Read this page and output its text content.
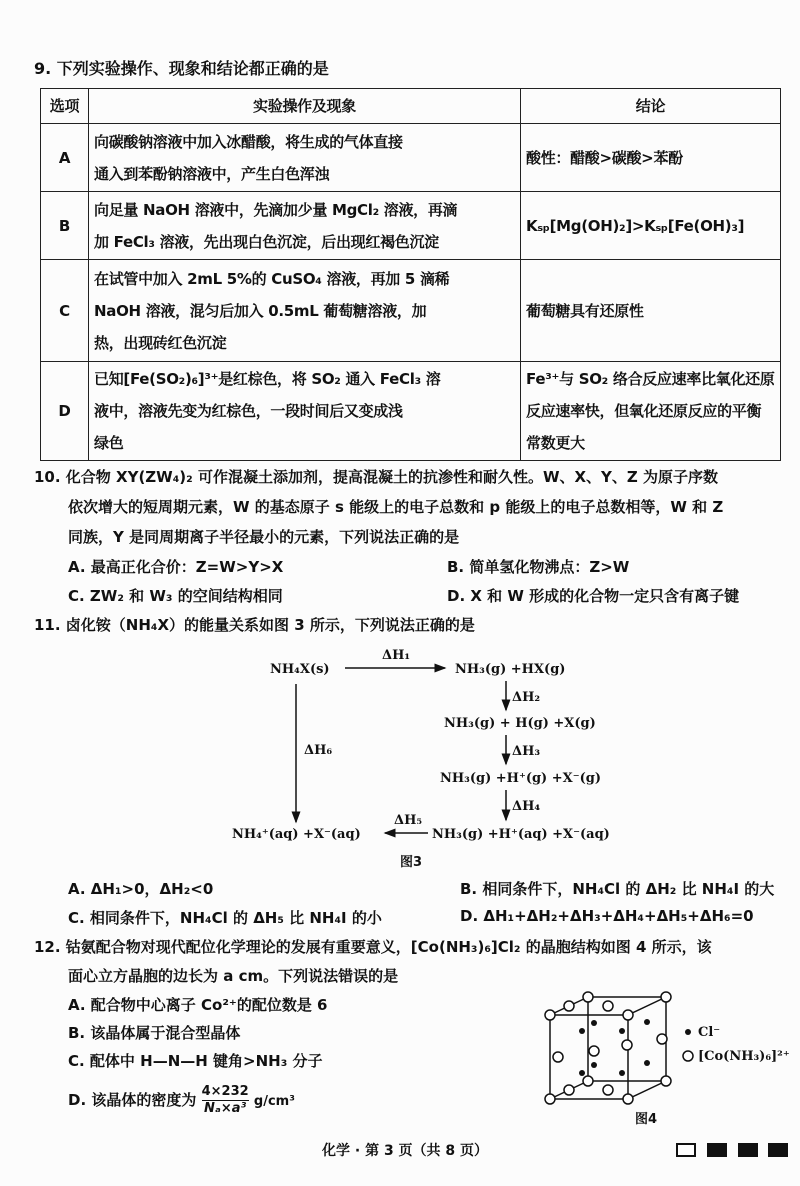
9. 下列实验操作、现象和结论都正确的是
选项	实验操作及现象	结论
A	向碳酸钠溶液中加入冰醋酸，将生成的气体直接
通入到苯酚钠溶液中，产生白色浑浊	酸性：醋酸>碳酸>苯酚
B	向足量 NaOH 溶液中，先滴加少量 MgCl₂ 溶液，再滴
加 FeCl₃ 溶液，先出现白色沉淀，后出现红褐色沉淀	Kₛₚ[Mg(OH)₂]>Kₛₚ[Fe(OH)₃]
C	在试管中加入 2mL 5%的 CuSO₄ 溶液，再加 5 滴稀
NaOH 溶液，混匀后加入 0.5mL 葡萄糖溶液，加
热，出现砖红色沉淀	葡萄糖具有还原性
D	已知[Fe(SO₂)₆]³⁺是红棕色，将 SO₂ 通入 FeCl₃ 溶
液中，溶液先变为红棕色，一段时间后又变成浅
绿色	Fe³⁺与 SO₂ 络合反应速率比氧化还原
反应速率快，但氧化还原反应的平衡
常数更大
10. 化合物 XY(ZW₄)₂ 可作混凝土添加剂，提高混凝土的抗渗性和耐久性。W、X、Y、Z 为原子序数
依次增大的短周期元素，W 的基态原子 s 能级上的电子总数和 p 能级上的电子总数相等，W 和 Z
同族，Y 是同周期离子半径最小的元素，下列说法正确的是
A. 最高正化合价：Z=W>Y>X	B. 简单氢化物沸点：Z>W
C. ZW₂ 和 W₃ 的空间结构相同	D. X 和 W 形成的化合物一定只含有离子键
11. 卤化铵（NH₄X）的能量关系如图 3 所示，下列说法正确的是
NH₄X(s)
ΔH₁
NH₃(g) +HX(g)
ΔH₂
NH₃(g) + H(g) +X(g)
ΔH₃
NH₃(g) +H⁺(g) +X⁻(g)
ΔH₄
NH₃(g) +H⁺(aq) +X⁻(aq)
ΔH₅
NH₄⁺(aq) +X⁻(aq)
ΔH₆
图3
A. ΔH₁>0，ΔH₂<0	B. 相同条件下，NH₄Cl 的 ΔH₂ 比 NH₄I 的大
C. 相同条件下，NH₄Cl 的 ΔH₅ 比 NH₄I 的小	D. ΔH₁+ΔH₂+ΔH₃+ΔH₄+ΔH₅+ΔH₆=0
12. 钴氨配合物对现代配位化学理论的发展有重要意义，[Co(NH₃)₆]Cl₂ 的晶胞结构如图 4 所示，该
面心立方晶胞的边长为 a cm。下列说法错误的是
A. 配合物中心离子 Co²⁺的配位数是 6
B. 该晶体属于混合型晶体
C. 配体中 H—N—H 键角>NH₃ 分子
D. 该晶体的密度为 $\frac{4\times 232}{\text{Nₐ×a³}} g/cm^3$
Cl⁻
[Co(NH₃)₆]²⁺
图4
化学 · 第 3 页（共 8 页）
